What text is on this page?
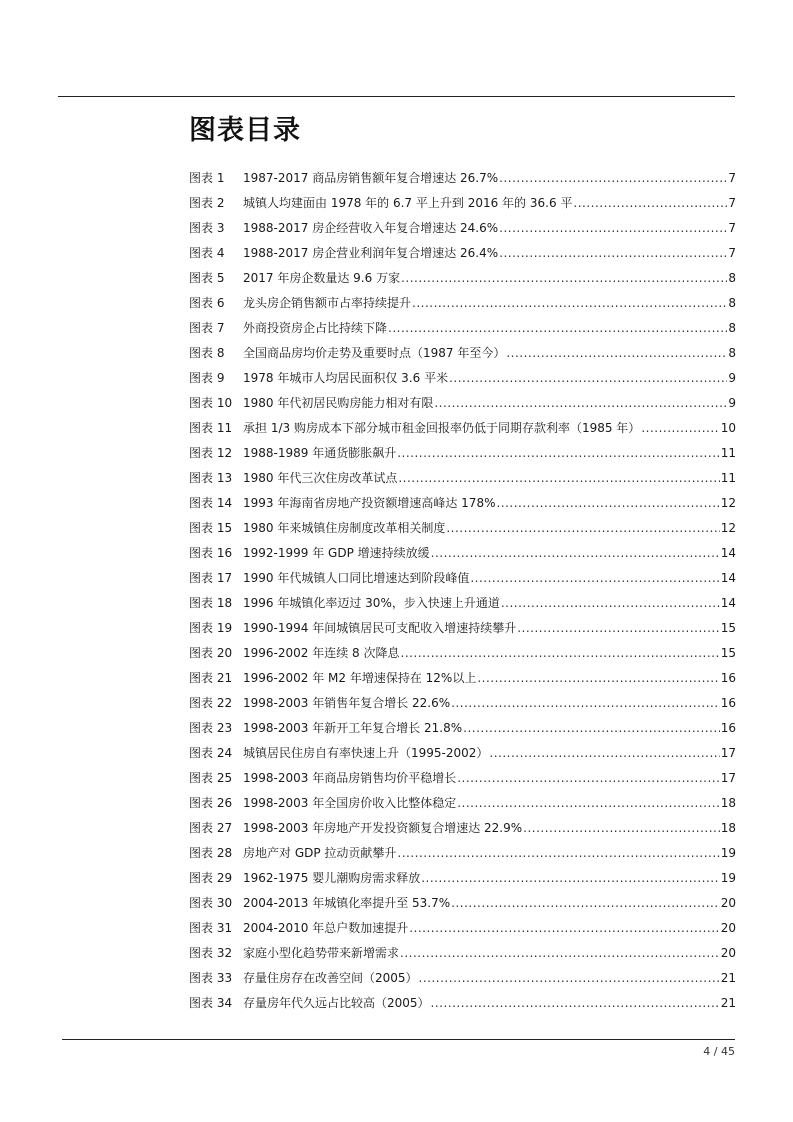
图表目录
图表 1	1987-2017 商品房销售额年复合增速达 26.7% .....	7
图表 2	城镇人均建面由 1978 年的 6.7 平上升到 2016 年的 36.6 平 .....	7
图表 3	1988-2017 房企经营收入年复合增速达 24.6% .....	7
图表 4	1988-2017 房企营业利润年复合增速达 26.4% .....	7
图表 5	2017 年房企数量达 9.6 万家 .....	8
图表 6	龙头房企销售额市占率持续提升 .....	8
图表 7	外商投资房企占比持续下降 .....	8
图表 8	全国商品房均价走势及重要时点（1987 年至今） .....	8
图表 9	1978 年城市人均居民面积仅 3.6 平米 .....	9
图表 10 1980 年代初居民购房能力相对有限 .....	9
图表 11 承担 1/3 购房成本下部分城市租金回报率仍低于同期存款利率（1985 年） .....	10
图表 12 1988-1989 年通货膨胀飙升 .....	11
图表 13 1980 年代三次住房改革试点 .....	11
图表 14 1993 年海南省房地产投资额增速高峰达 178% .....	12
图表 15 1980 年来城镇住房制度改革相关制度 .....	12
图表 16 1992-1999 年 GDP 增速持续放缓 .....	14
图表 17 1990 年代城镇人口同比增速达到阶段峰值 .....	14
图表 18 1996 年城镇化率迈过 30%，步入快速上升通道 .....	14
图表 19 1990-1994 年间城镇居民可支配收入增速持续攀升 .....	15
图表 20 1996-2002 年连续 8 次降息 .....	15
图表 21 1996-2002 年 M2 年增速保持在 12%以上 .....	16
图表 22 1998-2003 年销售年复合增长 22.6% .....	16
图表 23 1998-2003 年新开工年复合增长 21.8% .....	16
图表 24 城镇居民住房自有率快速上升（1995-2002） .....	17
图表 25 1998-2003 年商品房销售均价平稳增长 .....	17
图表 26 1998-2003 年全国房价收入比整体稳定 .....	18
图表 27 1998-2003 年房地产开发投资额复合增速达 22.9% .....	18
图表 28 房地产对 GDP 拉动贡献攀升 .....	19
图表 29 1962-1975 婴儿潮购房需求释放 .....	19
图表 30 2004-2013 年城镇化率提升至 53.7% .....	20
图表 31 2004-2010 年总户数加速提升 .....	20
图表 32 家庭小型化趋势带来新增需求 .....	20
图表 33 存量住房存在改善空间（2005） .....	21
图表 34 存量房年代久远占比较高（2005） .....	21
4 / 45
